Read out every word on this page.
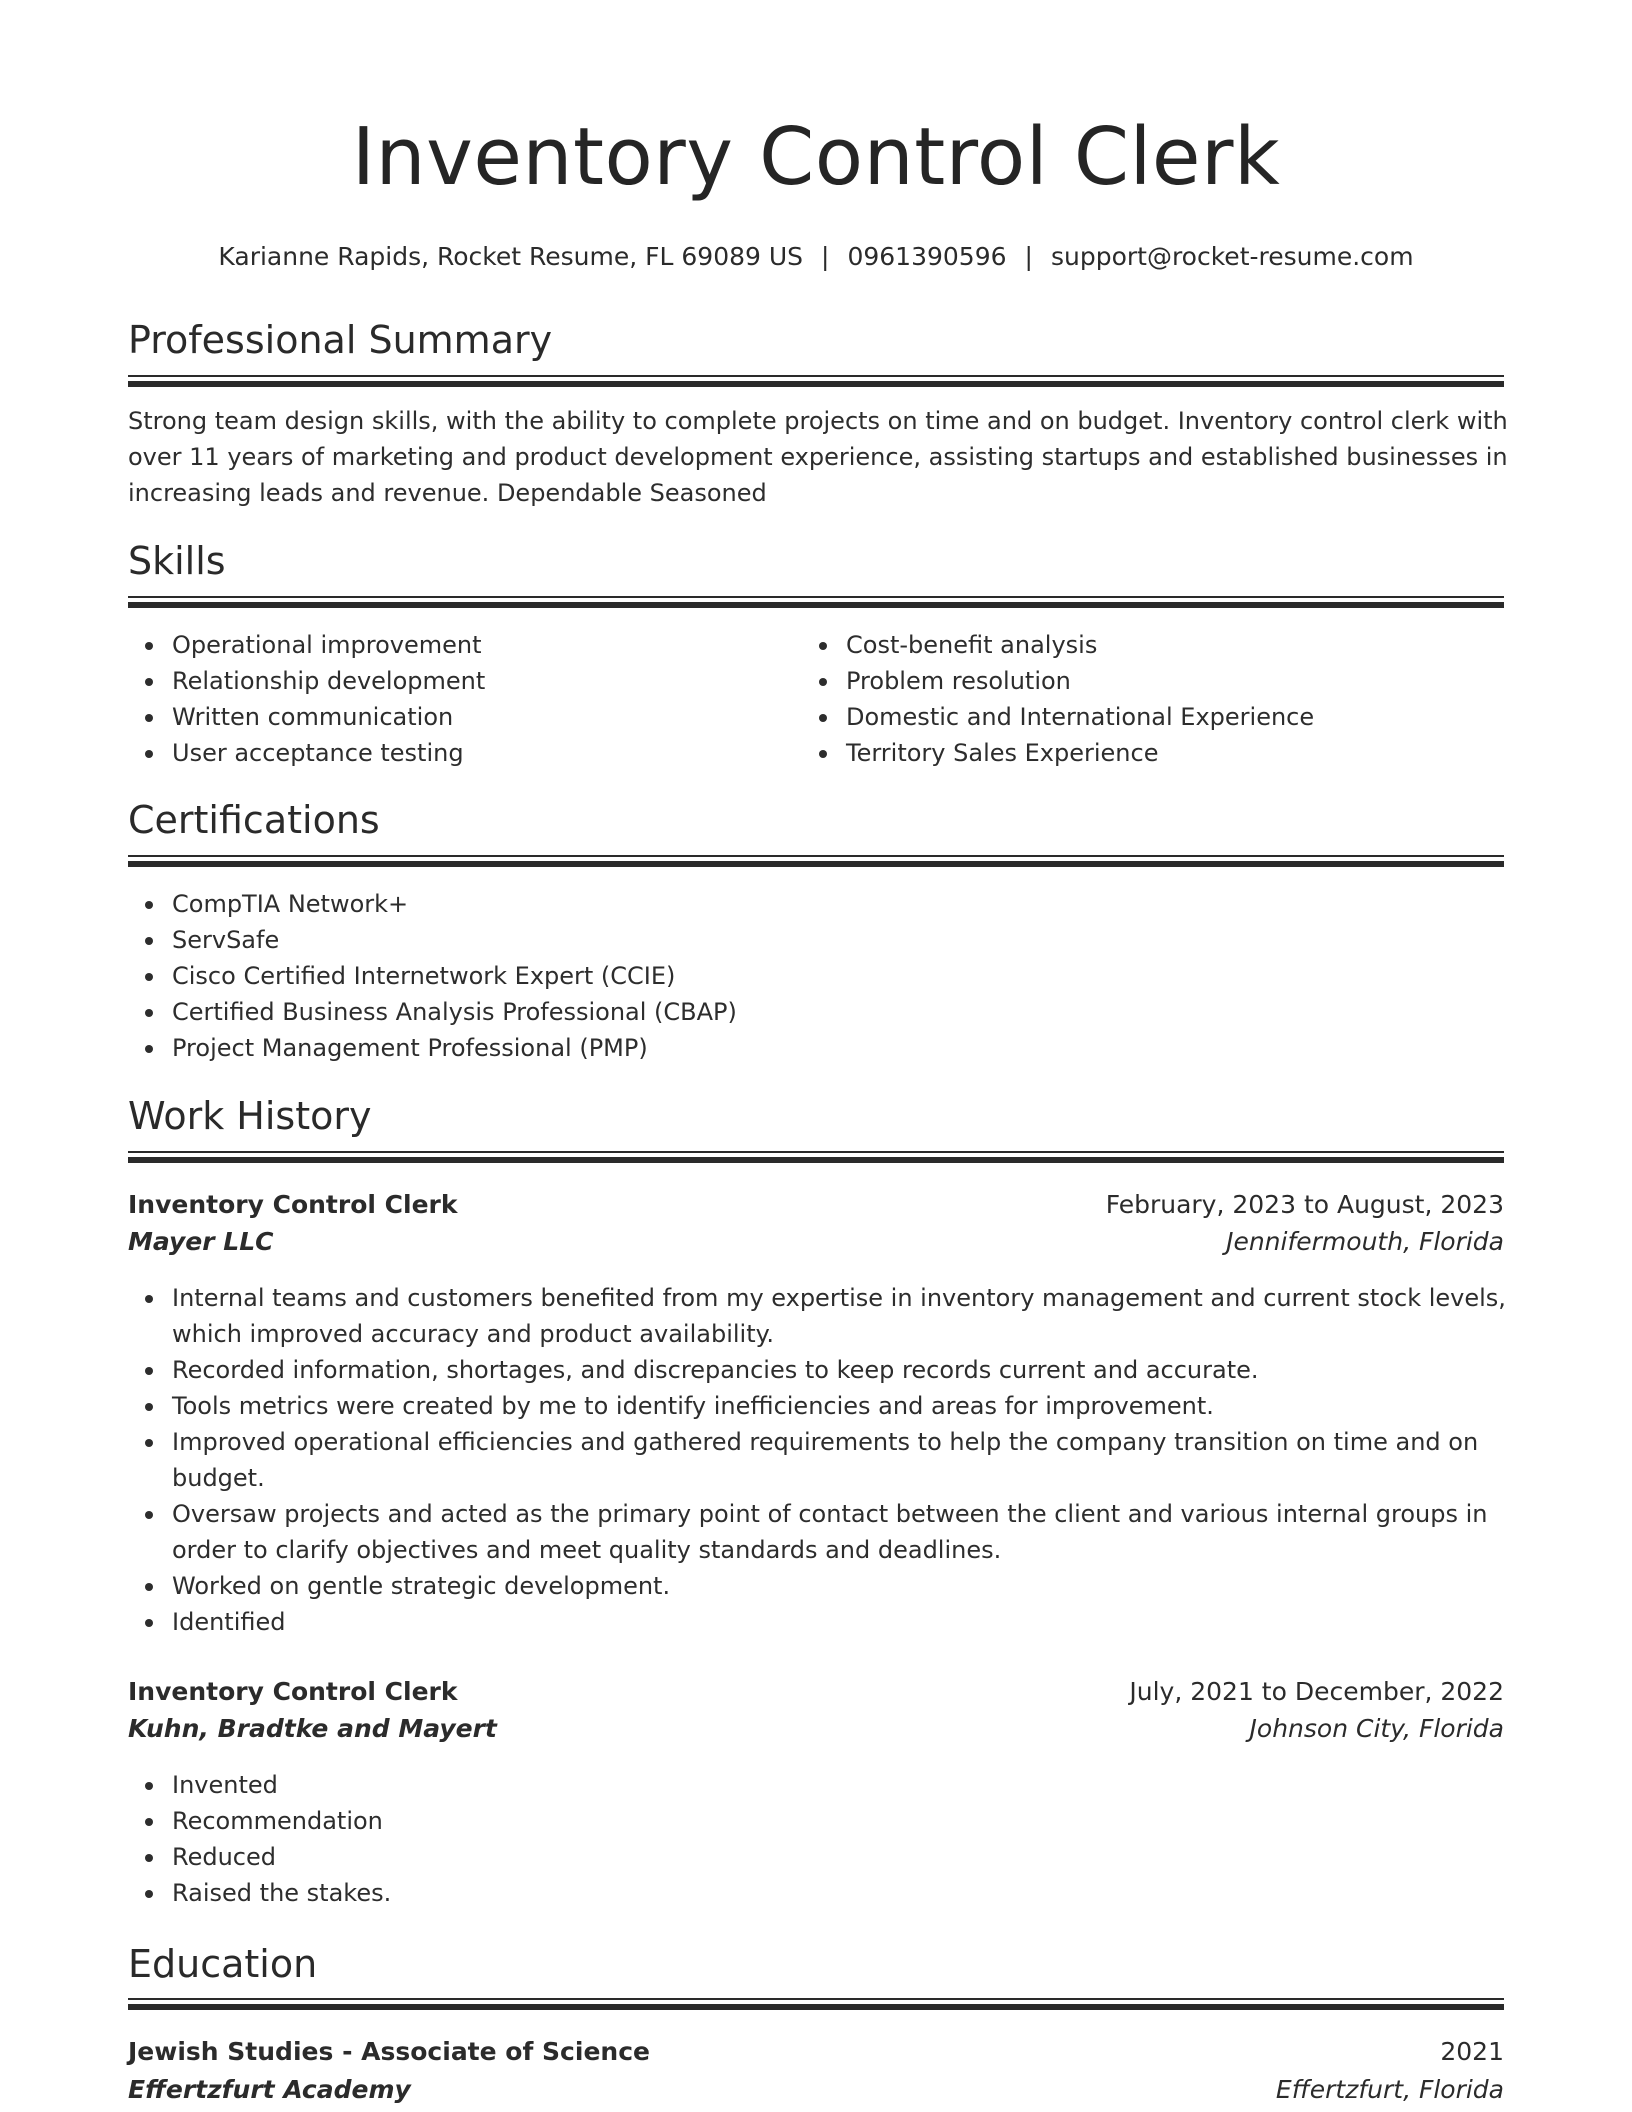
Inventory Control Clerk
Karianne Rapids, Rocket Resume, FL 69089 US | 0961390596 | support@rocket-resume.com
Professional Summary
Strong team design skills, with the ability to complete projects on time and on budget. Inventory control clerk with over 11 years of marketing and product development experience, assisting startups and established businesses in increasing leads and revenue. Dependable Seasoned
Skills
Operational improvement
Relationship development
Written communication
User acceptance testing
Cost-benefit analysis
Problem resolution
Domestic and International Experience
Territory Sales Experience
Certifications
CompTIA Network+
ServSafe
Cisco Certified Internetwork Expert (CCIE)
Certified Business Analysis Professional (CBAP)
Project Management Professional (PMP)
Work History
Inventory Control Clerk	February, 2023 to August, 2023
Mayer LLC	Jennifermouth, Florida
Internal teams and customers benefited from my expertise in inventory management and current stock levels, which improved accuracy and product availability.
Recorded information, shortages, and discrepancies to keep records current and accurate.
Tools metrics were created by me to identify inefficiencies and areas for improvement.
Improved operational efficiencies and gathered requirements to help the company transition on time and on budget.
Oversaw projects and acted as the primary point of contact between the client and various internal groups in order to clarify objectives and meet quality standards and deadlines.
Worked on gentle strategic development.
Identified
Inventory Control Clerk	July, 2021 to December, 2022
Kuhn, Bradtke and Mayert	Johnson City, Florida
Invented
Recommendation
Reduced
Raised the stakes.
Education
Jewish Studies - Associate of Science	2021
Effertzfurt Academy	Effertzfurt, Florida
